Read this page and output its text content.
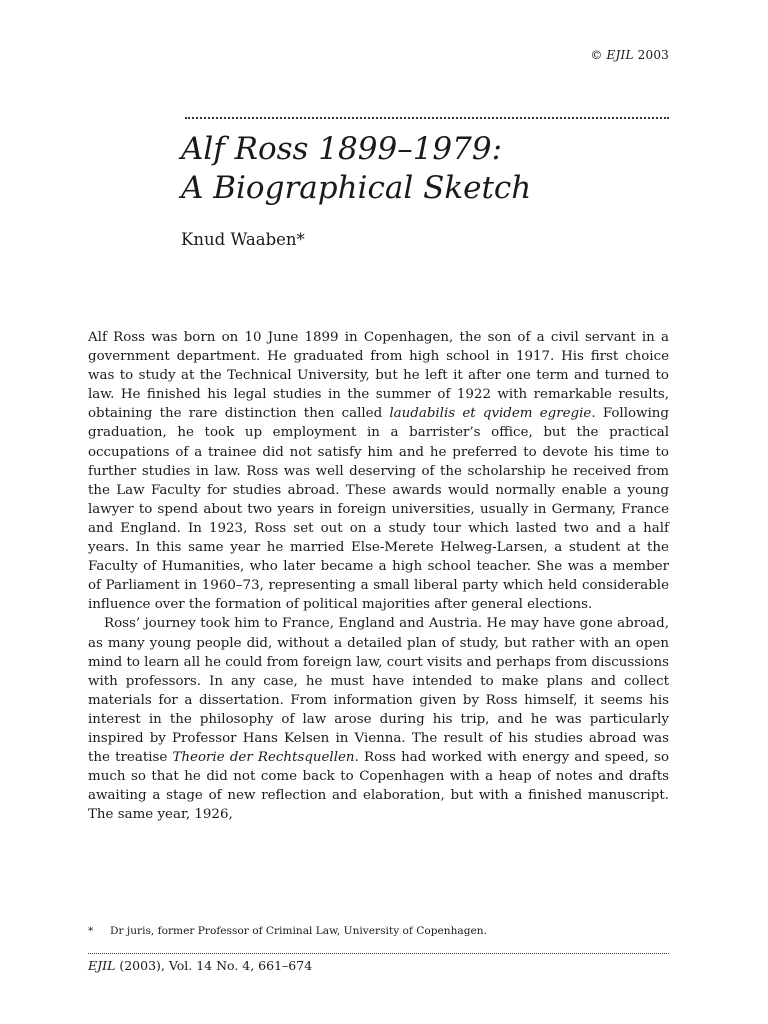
© EJIL 2003
Alf Ross 1899–1979:
A Biographical Sketch
Knud Waaben*

Alf Ross was born on 10 June 1899 in Copenhagen, the son of a civil servant in a government department. He graduated from high school in 1917. His first choice was to study at the Technical University, but he left it after one term and turned to law. He finished his legal studies in the summer of 1922 with remarkable results, obtaining the rare distinction then called laudabilis et qvidem egregie. Following graduation, he took up employment in a barrister’s office, but the practical occupations of a trainee did not satisfy him and he preferred to devote his time to further studies in law. Ross was well deserving of the scholarship he received from the Law Faculty for studies abroad. These awards would normally enable a young lawyer to spend about two years in foreign universities, usually in Germany, France and England. In 1923, Ross set out on a study tour which lasted two and a half years. In this same year he married Else-Merete Helweg-Larsen, a student at the Faculty of Humanities, who later became a high school teacher. She was a member of Parliament in 1960–73, representing a small liberal party which held considerable influence over the formation of political majorities after general elections.

Ross’ journey took him to France, England and Austria. He may have gone abroad, as many young people did, without a detailed plan of study, but rather with an open mind to learn all he could from foreign law, court visits and perhaps from discussions with professors. In any case, he must have intended to make plans and collect materials for a dissertation. From information given by Ross himself, it seems his interest in the philosophy of law arose during his trip, and he was particularly inspired by Professor Hans Kelsen in Vienna. The result of his studies abroad was the treatise Theorie der Rechtsquellen. Ross had worked with energy and speed, so much so that he did not come back to Copenhagen with a heap of notes and drafts awaiting a stage of new reflection and elaboration, but with a finished manuscript. The same year, 1926,

* Dr juris, former Professor of Criminal Law, University of Copenhagen.
EJIL (2003), Vol. 14 No. 4, 661–674
